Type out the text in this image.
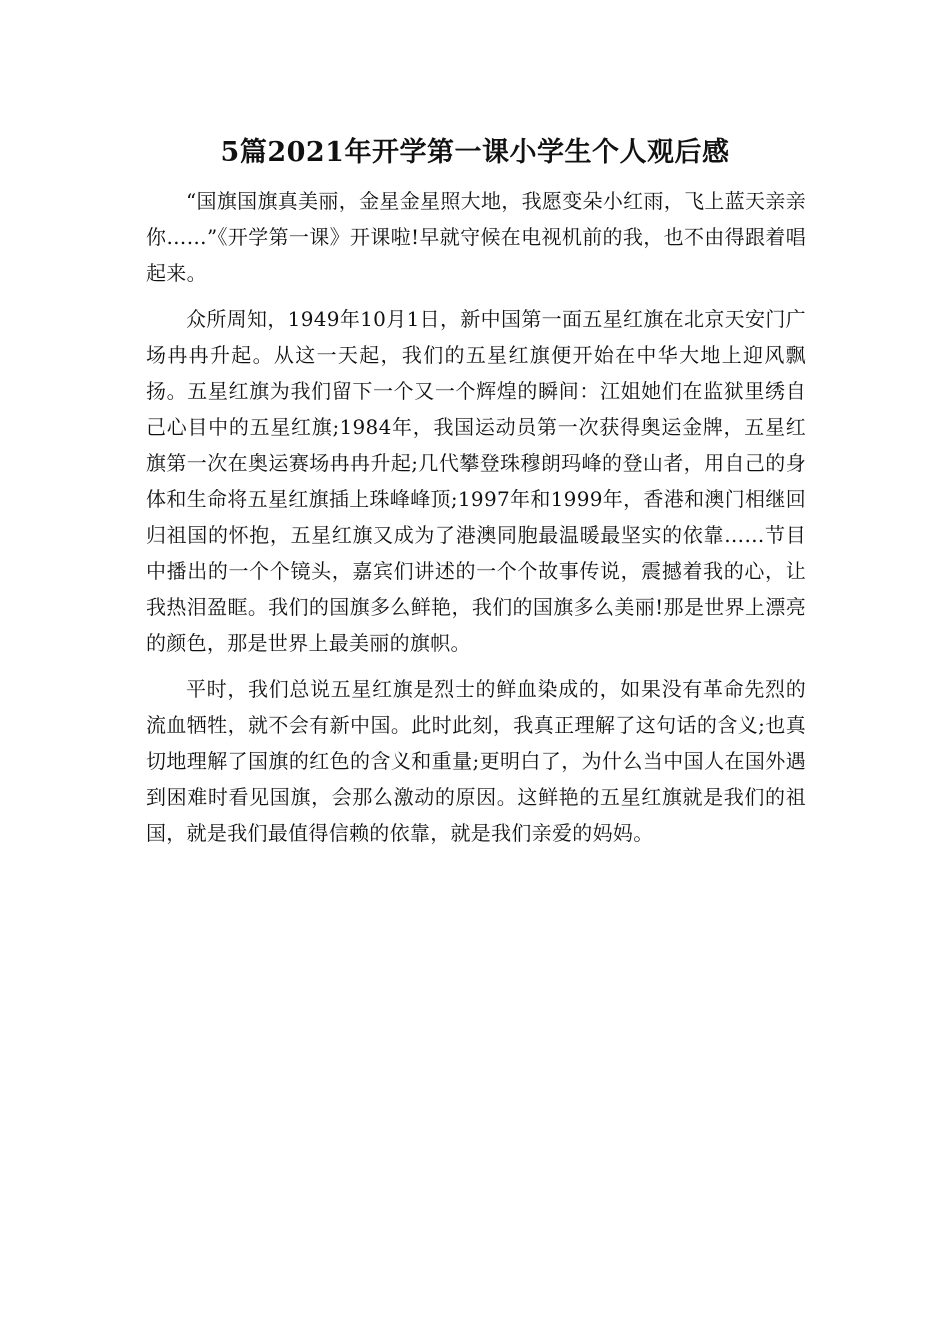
5篇2021年开学第一课小学生个人观后感

“国旗国旗真美丽，金星金星照大地，我愿变朵小红雨，飞上蓝天亲亲你……”《开学第一课》开课啦!早就守候在电视机前的我，也不由得跟着唱起来。

众所周知，1949年10月1日，新中国第一面五星红旗在北京天安门广场冉冉升起。从这一天起，我们的五星红旗便开始在中华大地上迎风飘扬。五星红旗为我们留下一个又一个辉煌的瞬间：江姐她们在监狱里绣自己心目中的五星红旗;1984年，我国运动员第一次获得奥运金牌，五星红旗第一次在奥运赛场冉冉升起;几代攀登珠穆朗玛峰的登山者，用自己的身体和生命将五星红旗插上珠峰峰顶;1997年和1999年，香港和澳门相继回归祖国的怀抱，五星红旗又成为了港澳同胞最温暖最坚实的依靠……节目中播出的一个个镜头，嘉宾们讲述的一个个故事传说，震撼着我的心，让我热泪盈眶。我们的国旗多么鲜艳，我们的国旗多么美丽!那是世界上漂亮的颜色，那是世界上最美丽的旗帜。

平时，我们总说五星红旗是烈士的鲜血染成的，如果没有革命先烈的流血牺牲，就不会有新中国。此时此刻，我真正理解了这句话的含义;也真切地理解了国旗的红色的含义和重量;更明白了，为什么当中国人在国外遇到困难时看见国旗，会那么激动的原因。这鲜艳的五星红旗就是我们的祖国，就是我们最值得信赖的依靠，就是我们亲爱的妈妈。
